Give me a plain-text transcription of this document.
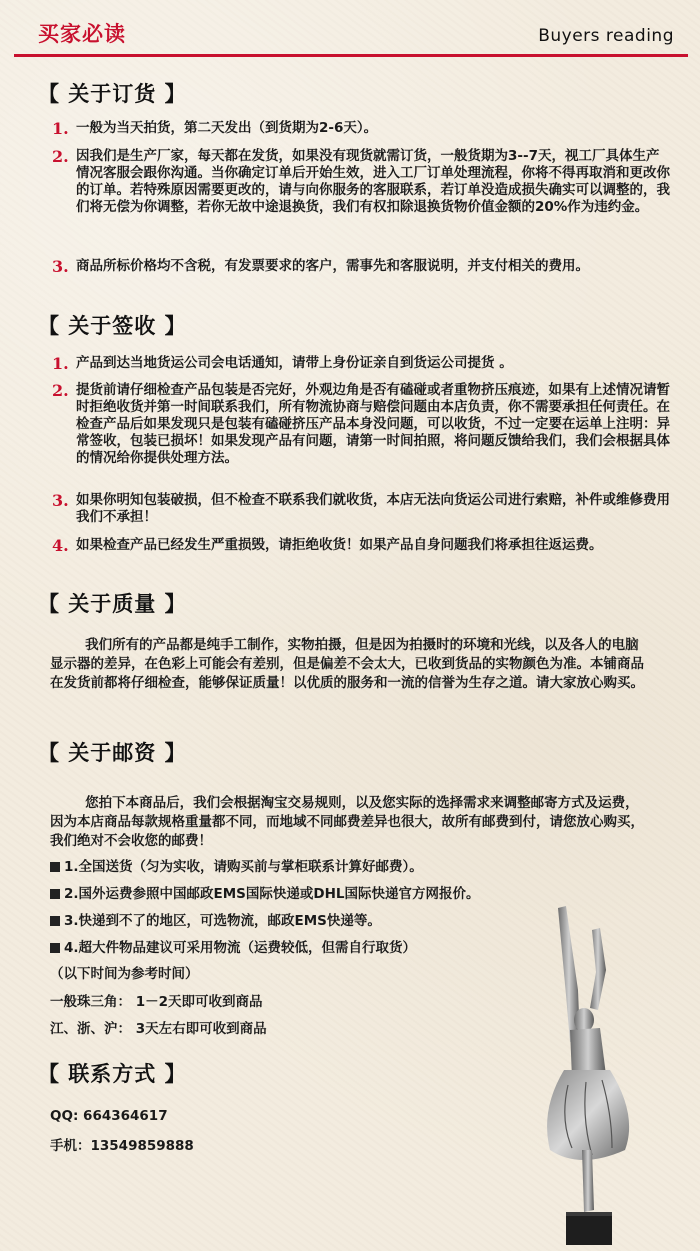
买家必读	Buyers reading
【 关于订货 】
1. 一般为当天拍货，第二天发出（到货期为2-6天）。
2. 因我们是生产厂家，每天都在发货，如果没有现货就需订货，一般货期为3--7天，视工厂具体生产情况客服会跟你沟通。当你确定订单后开始生效，进入工厂订单处理流程，你将不得再取消和更改你的订单。若特殊原因需要更改的，请与向你服务的客服联系，若订单没造成损失确实可以调整的，我们将无偿为你调整，若你无故中途退换货，我们有权扣除退换货物价值金额的20%作为违约金。
3. 商品所标价格均不含税，有发票要求的客户，需事先和客服说明，并支付相关的费用。
【 关于签收 】
1. 产品到达当地货运公司会电话通知，请带上身份证亲自到货运公司提货 。
2. 提货前请仔细检查产品包装是否完好，外观边角是否有磕碰或者重物挤压痕迹，如果有上述情况请暂时拒绝收货并第一时间联系我们，所有物流协商与赔偿问题由本店负责，你不需要承担任何责任。在检查产品后如果发现只是包装有磕碰挤压产品本身没问题，可以收货，不过一定要在运单上注明：异常签收，包装已损坏！如果发现产品有问题，请第一时间拍照，将问题反馈给我们，我们会根据具体的情况给你提供处理方法。
3. 如果你明知包装破损，但不检查不联系我们就收货，本店无法向货运公司进行索赔，补件或维修费用我们不承担！
4. 如果检查产品已经发生严重损毁，请拒绝收货！如果产品自身问题我们将承担往返运费。
【 关于质量 】
我们所有的产品都是纯手工制作，实物拍摄，但是因为拍摄时的环境和光线，以及各人的电脑显示器的差异，在色彩上可能会有差别，但是偏差不会太大，已收到货品的实物颜色为准。本铺商品在发货前都将仔细检查，能够保证质量！以优质的服务和一流的信誉为生存之道。请大家放心购买。
【 关于邮资 】
您拍下本商品后，我们会根据淘宝交易规则，以及您实际的选择需求来调整邮寄方式及运费，因为本店商品每款规格重量都不同，而地域不同邮费差异也很大，故所有邮费到付，请您放心购买，我们绝对不会收您的邮费！
1.全国送货（匀为实收，请购买前与掌柜联系计算好邮费）。
2.国外运费参照中国邮政EMS国际快递或DHL国际快递官方网报价。
3.快递到不了的地区，可选物流，邮政EMS快递等。
4.超大件物品建议可采用物流（运费较低，但需自行取货）
（以下时间为参考时间）
一般珠三角： 1－2天即可收到商品
江、浙、沪： 3天左右即可收到商品
【 联系方式 】
QQ: 664364617
手机：13549859888
